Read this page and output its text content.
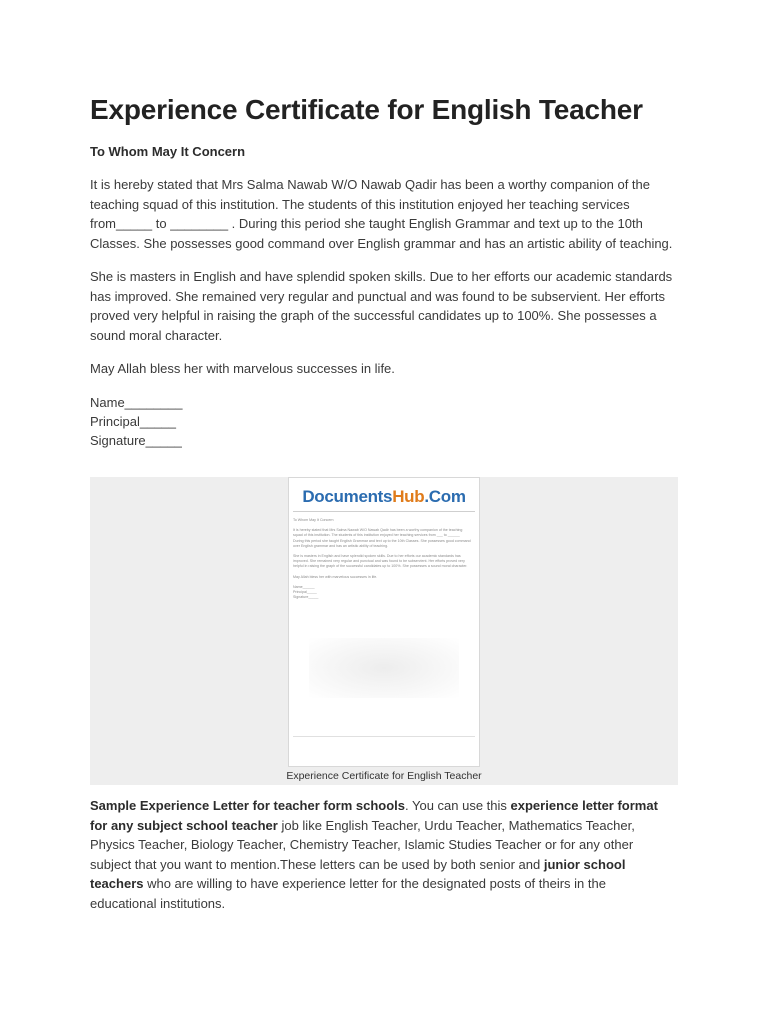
Experience Certificate for English Teacher
To Whom May It Concern

It is hereby stated that Mrs Salma Nawab W/O Nawab Qadir has been a worthy companion of the teaching squad of this institution. The students of this institution enjoyed her teaching services from_____ to ________ . During this period she taught English Grammar and text up to the 10th Classes. She possesses good command over English grammar and has an artistic ability of teaching.

She is masters in English and have splendid spoken skills. Due to her efforts our academic standards has improved. She remained very regular and punctual and was found to be subservient. Her efforts proved very helpful in raising the graph of the successful candidates up to 100%. She possesses a sound moral character.

May Allah bless her with marvelous successes in life.

Name________
Principal_____
Signature_____
DocumentsHub.Com
To Whom May It Concern
It is hereby stated that Mrs Salma Nawab W/O Nawab Qadir has been a worthy companion of the teaching
squad of this institution. The students of this institution enjoyed her teaching services from ___ to ______
During this period she taught English Grammar and text up to the 10th Classes. She possesses good command
over English grammar and has an artistic ability of teaching.
She is masters in English and have splendid spoken skills. Due to her efforts our academic standards has
improved. She remained very regular and punctual and was found to be subservient. Her efforts proved very
helpful in raising the graph of the successful candidates up to 100%. She possesses a sound moral character.
May Allah bless her with marvelous successes in life.
Name______
Principal_____
Signature_____
Experience Certificate for English Teacher
Sample Experience Letter for teacher form schools. You can use this experience letter format for any subject school teacher job like English Teacher, Urdu Teacher, Mathematics Teacher, Physics Teacher, Biology Teacher, Chemistry Teacher, Islamic Studies Teacher or for any other subject that you want to mention.These letters can be used by both senior and junior school teachers who are willing to have experience letter for the designated posts of theirs in the educational institutions.
